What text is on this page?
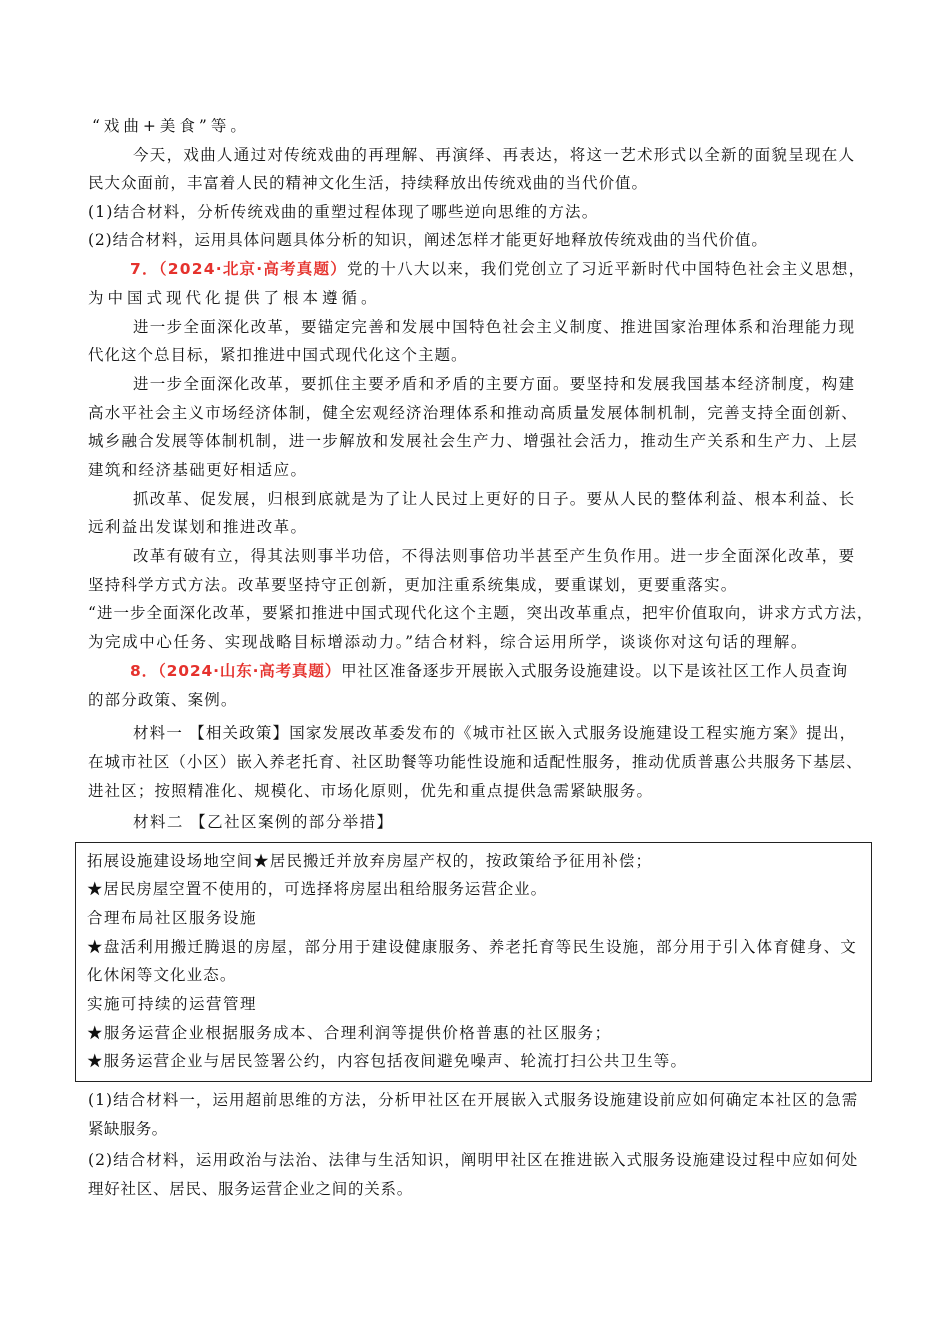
“戏曲+美食”等。
今天，戏曲人通过对传统戏曲的再理解、再演绎、再表达，将这一艺术形式以全新的面貌呈现在人
民大众面前，丰富着人民的精神文化生活，持续释放出传统戏曲的当代价值。
(1)结合材料，分析传统戏曲的重塑过程体现了哪些逆向思维的方法。
(2)结合材料，运用具体问题具体分析的知识，阐述怎样才能更好地释放传统戏曲的当代价值。
7．（2024·北京·高考真题）党的十八大以来，我们党创立了习近平新时代中国特色社会主义思想，
为中国式现代化提供了根本遵循。
进一步全面深化改革，要锚定完善和发展中国特色社会主义制度、推进国家治理体系和治理能力现
代化这个总目标，紧扣推进中国式现代化这个主题。
进一步全面深化改革，要抓住主要矛盾和矛盾的主要方面。要坚持和发展我国基本经济制度，构建
高水平社会主义市场经济体制，健全宏观经济治理体系和推动高质量发展体制机制，完善支持全面创新、
城乡融合发展等体制机制，进一步解放和发展社会生产力、增强社会活力，推动生产关系和生产力、上层
建筑和经济基础更好相适应。
抓改革、促发展，归根到底就是为了让人民过上更好的日子。要从人民的整体利益、根本利益、长
远利益出发谋划和推进改革。
改革有破有立，得其法则事半功倍，不得法则事倍功半甚至产生负作用。进一步全面深化改革，要
坚持科学方式方法。改革要坚持守正创新，更加注重系统集成，要重谋划，更要重落实。
“进一步全面深化改革，要紧扣推进中国式现代化这个主题，突出改革重点，把牢价值取向，讲求方式方法，
为完成中心任务、实现战略目标增添动力。”结合材料，综合运用所学，谈谈你对这句话的理解。
8．（2024·山东·高考真题）甲社区准备逐步开展嵌入式服务设施建设。以下是该社区工作人员查询
的部分政策、案例。
材料一 【相关政策】国家发展改革委发布的《城市社区嵌入式服务设施建设工程实施方案》提出，
在城市社区（小区）嵌入养老托育、社区助餐等功能性设施和适配性服务，推动优质普惠公共服务下基层、
进社区；按照精准化、规模化、市场化原则，优先和重点提供急需紧缺服务。
材料二 【乙社区案例的部分举措】
拓展设施建设场地空间★居民搬迁并放弃房屋产权的，按政策给予征用补偿；
★居民房屋空置不使用的，可选择将房屋出租给服务运营企业。
合理布局社区服务设施
★盘活利用搬迁腾退的房屋，部分用于建设健康服务、养老托育等民生设施，部分用于引入体育健身、文
化休闲等文化业态。
实施可持续的运营管理
★服务运营企业根据服务成本、合理利润等提供价格普惠的社区服务；
★服务运营企业与居民签署公约，内容包括夜间避免噪声、轮流打扫公共卫生等。
(1)结合材料一，运用超前思维的方法，分析甲社区在开展嵌入式服务设施建设前应如何确定本社区的急需
紧缺服务。
(2)结合材料，运用政治与法治、法律与生活知识，阐明甲社区在推进嵌入式服务设施建设过程中应如何处
理好社区、居民、服务运营企业之间的关系。
